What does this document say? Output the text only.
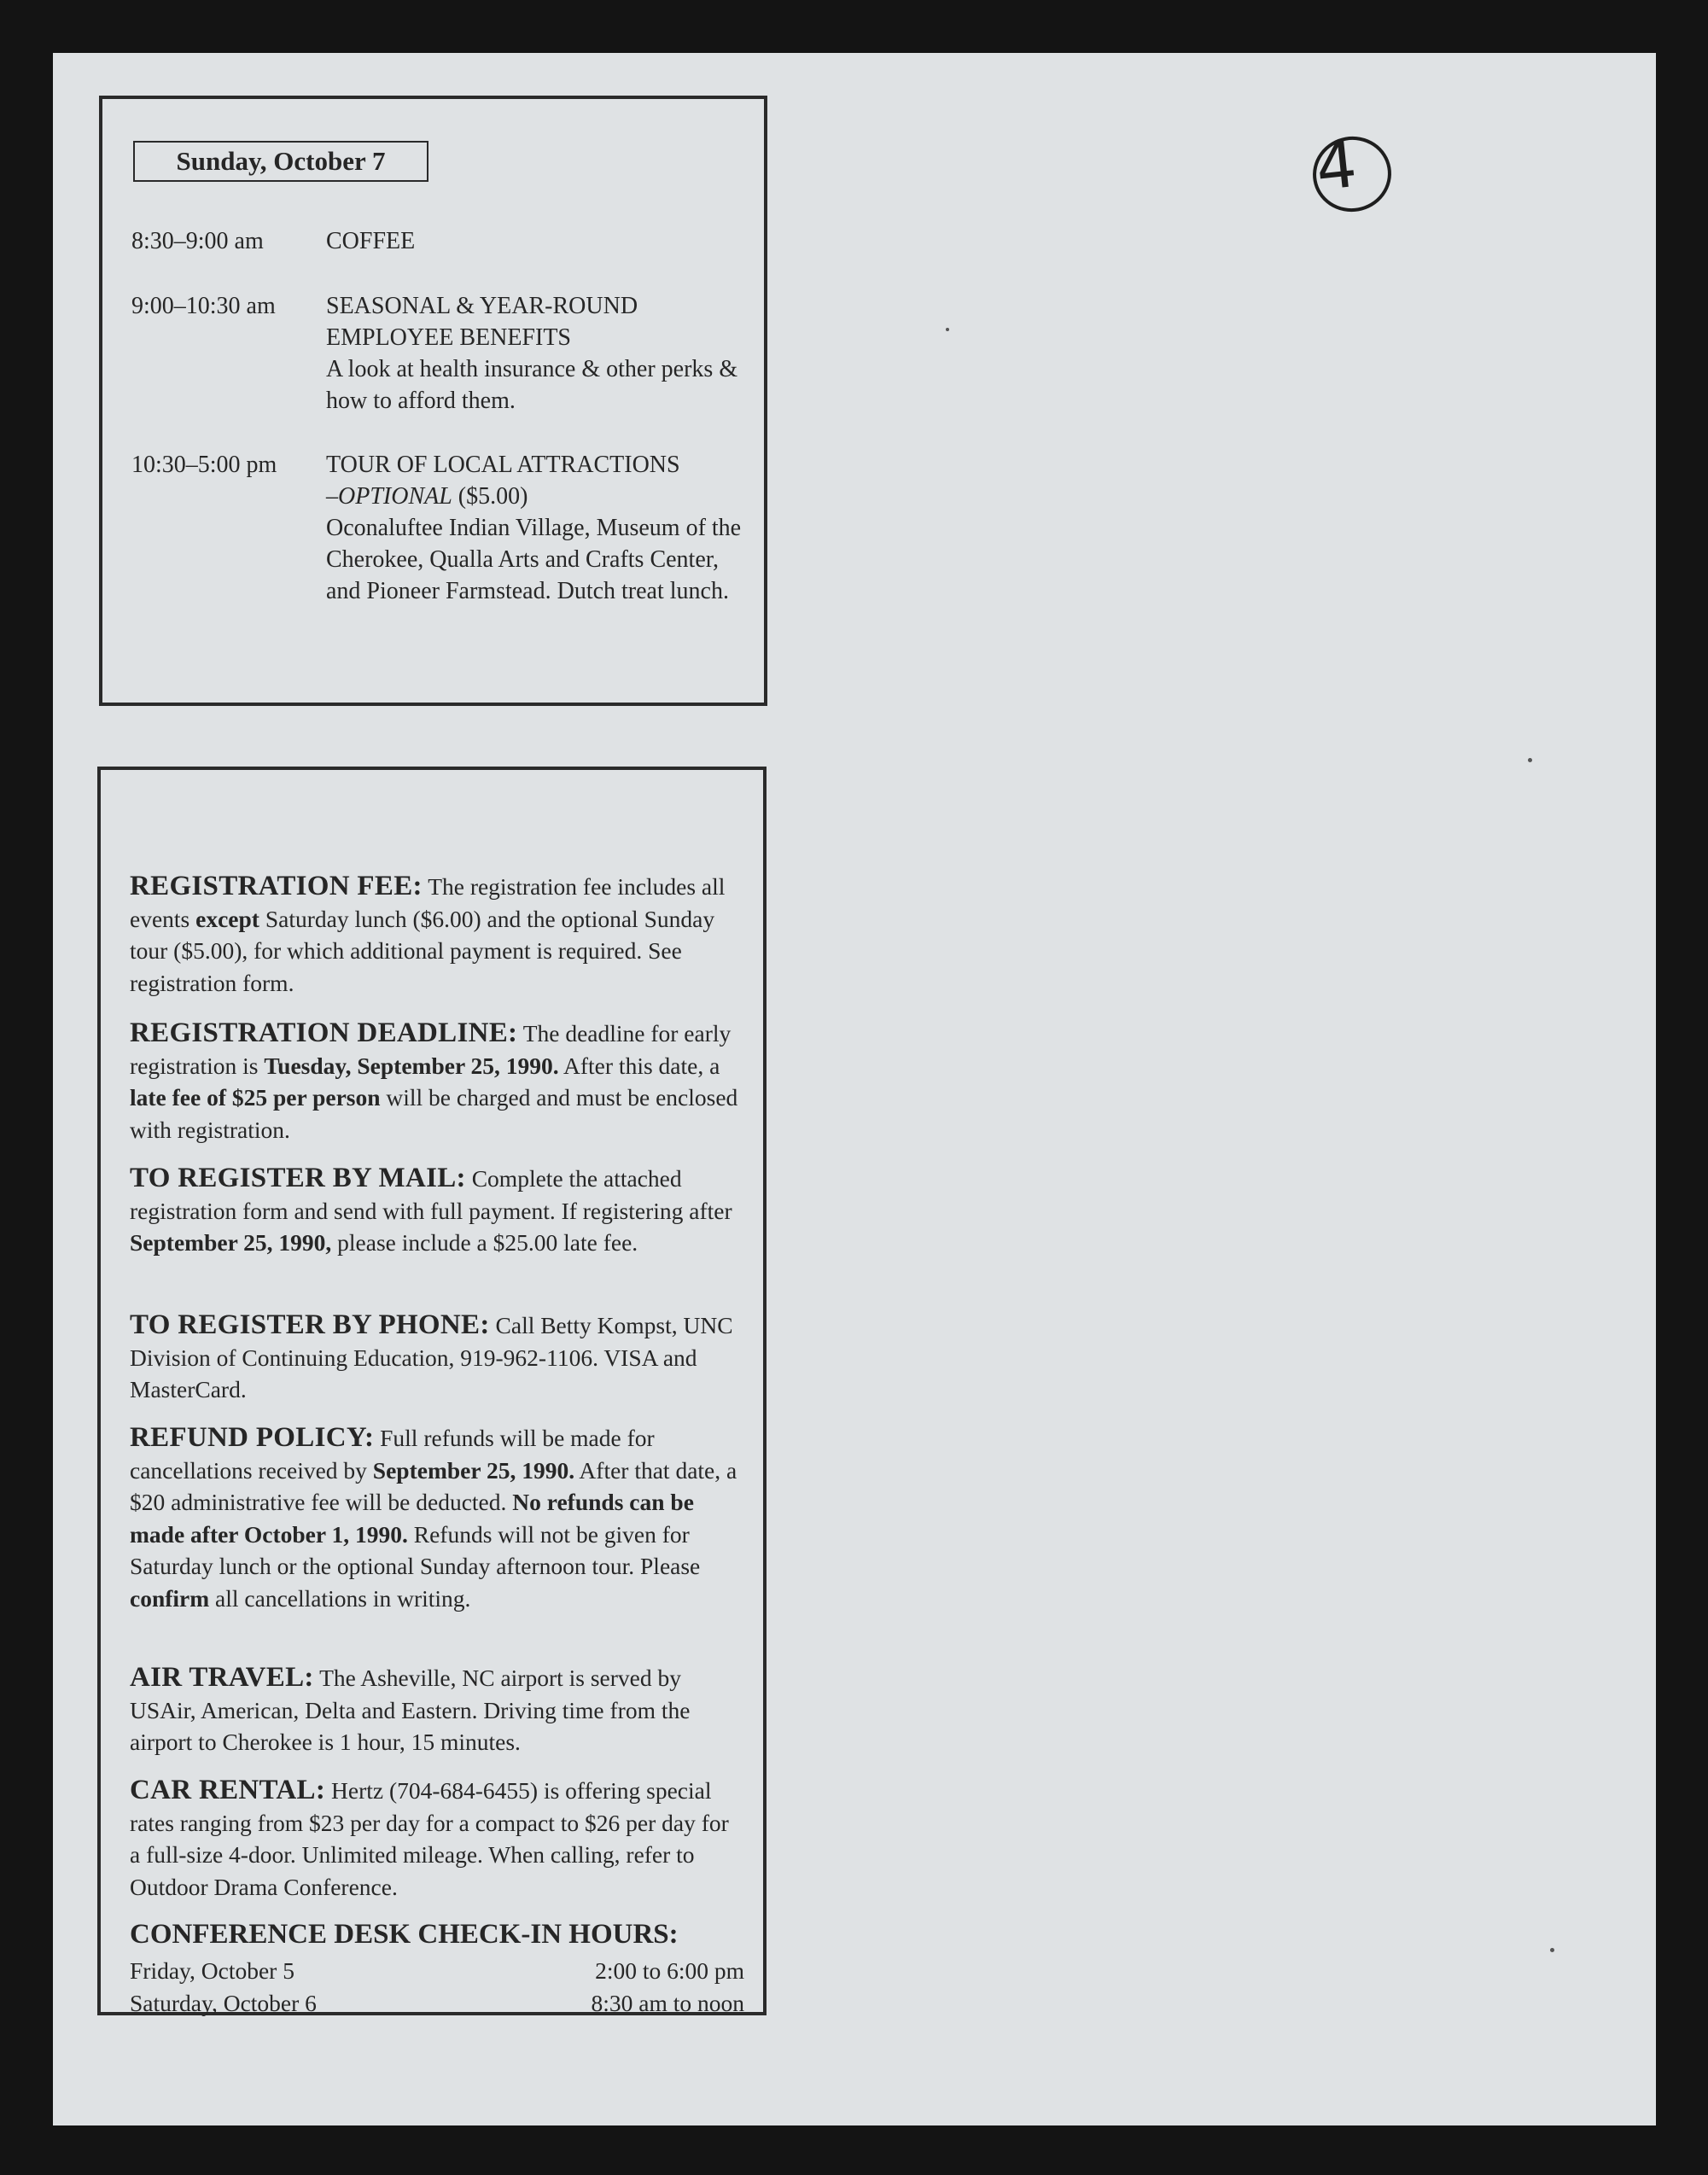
4
Sunday, October 7
8:30–9:00 am	COFFEE
9:00–10:30 am	SEASONAL & YEAR-ROUND
EMPLOYEE BENEFITS
A look at health insurance & other perks & how to afford them.
10:30–5:00 pm	TOUR OF LOCAL ATTRACTIONS
–OPTIONAL ($5.00)
Oconaluftee Indian Village, Museum of the Cherokee, Qualla Arts and Crafts Center, and Pioneer Farmstead. Dutch treat lunch.
REGISTRATION FEE: The registration fee includes all events except Saturday lunch ($6.00) and the optional Sunday tour ($5.00), for which additional payment is required. See registration form.
REGISTRATION DEADLINE: The deadline for early registration is Tuesday, September 25, 1990. After this date, a late fee of $25 per person will be charged and must be enclosed with registration.
TO REGISTER BY MAIL: Complete the attached registration form and send with full payment. If registering after September 25, 1990, please include a $25.00 late fee.
TO REGISTER BY PHONE: Call Betty Kompst, UNC Division of Continuing Education, 919-962-1106. VISA and MasterCard.
REFUND POLICY: Full refunds will be made for cancellations received by September 25, 1990. After that date, a $20 administrative fee will be deducted. No refunds can be made after October 1, 1990. Refunds will not be given for Saturday lunch or the optional Sunday afternoon tour. Please confirm all cancellations in writing.
AIR TRAVEL: The Asheville, NC airport is served by USAir, American, Delta and Eastern. Driving time from the airport to Cherokee is 1 hour, 15 minutes.
CAR RENTAL: Hertz (704-684-6455) is offering special rates ranging from $23 per day for a compact to $26 per day for a full-size 4-door. Unlimited mileage. When calling, refer to Outdoor Drama Conference.
CONFERENCE DESK CHECK-IN HOURS:
Friday, October 5	2:00 to 6:00 pm
Saturday, October 6	8:30 am to noon
